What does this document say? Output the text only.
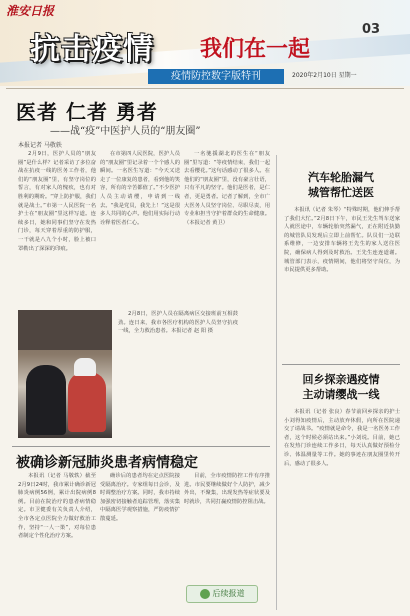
淮安日报
抗击疫情 我们在一起
03
2020年2月10日 星期一
疫情防控数字版特刊
医者 仁者 勇者
——战“疫”中医护人员的“朋友圈”
本报记者 马敬轶

2月9日，医护人员的“朋友圈”是什么样？记者采访了多位奋战在抗疫一线的医务工作者，他们的“朋友圈”里，有坚守岗位的誓言，有对家人的愧疚，也有对胜利的期盼。“穿上防护服，我们就是战士。”市第一人民医院一名护士在“朋友圈”里这样写道。连续多日，她和同事们坚守在发热门诊，每天穿着厚重的防护服，一干就是八九个小时，脸上被口罩勒出了深深的印痕。

在市第四人民医院，医护人员的“朋友圈”里记录着一个个感人的瞬间。一名医生写道：“今天又送走了一位康复的患者，看到他的笑容，所有的辛苦都值了。”不少医护人员主动请缨，申请到一线去。“我是党员，我先上！”这是很多人共同的心声。他们用实际行动诠释着医者仁心。

一名驰援湖北的医生在“朋友圈”里写道：“等疫情结束，我们一起去看樱花。”这句话感动了很多人。在他们的“朋友圈”里，没有豪言壮语，只有平凡的坚守。他们是医者，是仁者，更是勇者。记者了解到，全市广大医务人员坚守岗位、尽职尽责，用专业和担当守护着群众的生命健康。（本报记者 黄卫）

2月8日，医护人员在隔离病区交接班前互相鼓劲。连日来，我市各医疗机构的医护人员坚守抗疫一线，全力救治患者。本报记者 赵 阳 摄
被确诊新冠肺炎患者病情稳定

本报讯（记者 马敬轶）截至2月9日24时，我市累计确诊新冠肺炎病例56例，累计出院病例8例。目前在院治疗的患者病情稳定。市卫健委有关负责人介绍，全市各定点医院全力做好救治工作，坚持“一人一策”，对每位患者制定个性化治疗方案。

确诊后的患者均在定点医院接受隔离治疗。专家组每日会诊，及时调整治疗方案。同时，我市持续加强密切接触者追踪管理，落实集中隔离医学观察措施，严防疫情扩散蔓延。

目前，全市疫情防控工作有序推进。市民要继续做好个人防护，减少外出，不聚集，出现发热等症状要及时就诊，共同打赢疫情防控阻击战。

后续报道
汽车轮胎漏气
城管帮忙送医

本报讯（记者 朱琴）“特殊时期，他们伸手帮了我们大忙。”2月8日下午，市民王先生驾车送家人就医途中，车辆轮胎突然漏气，正在附近执勤的城管队员发现后立即上前帮忙。队员们一边联系维修，一边安排车辆将王先生的家人送往医院，确保病人得到及时救治。王先生连连道谢。城管部门表示，疫情期间，他们将坚守岗位，为市民提供更多帮助。

回乡探亲遇疫情
主动请缨战一线

本报讯（记者 张良）春节前回乡探亲的护士小刘得知疫情后，主动放弃休假，向所在医院递交了请战书。“疫情就是命令，我是一名医务工作者，这个时候必须站出来。”小刘说。目前，她已在发热门诊连续工作多日，每天认真做好预检分诊、体温测量等工作。她的事迹在朋友圈里传开后，感动了很多人。
